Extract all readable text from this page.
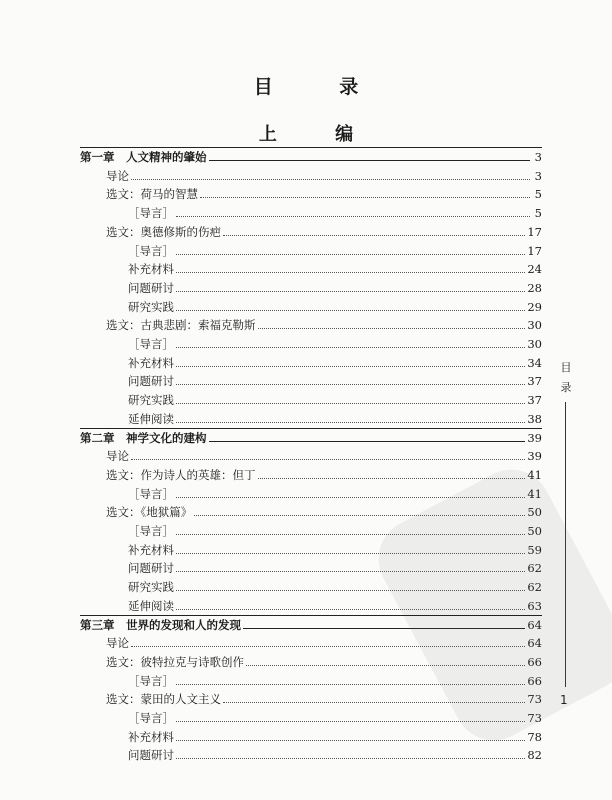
目 录
上 编
第一章　人文精神的肇始	3
导论	3
选文：荷马的智慧	5
［导言］	5
选文：奥德修斯的伤疤	17
［导言］	17
补充材料	24
问题研讨	28
研究实践	29
选文：古典悲剧：索福克勒斯	30
［导言］	30
补充材料	34
问题研讨	37
研究实践	37
延伸阅读	38
第二章　神学文化的建构	39
导论	39
选文：作为诗人的英雄：但丁	41
［导言］	41
选文：《地狱篇》	50
［导言］	50
补充材料	59
问题研讨	62
研究实践	62
延伸阅读	63
第三章　世界的发现和人的发现	64
导论	64
选文：彼特拉克与诗歌创作	66
［导言］	66
选文：蒙田的人文主义	73
［导言］	73
补充材料	78
问题研讨	82
目录
1
